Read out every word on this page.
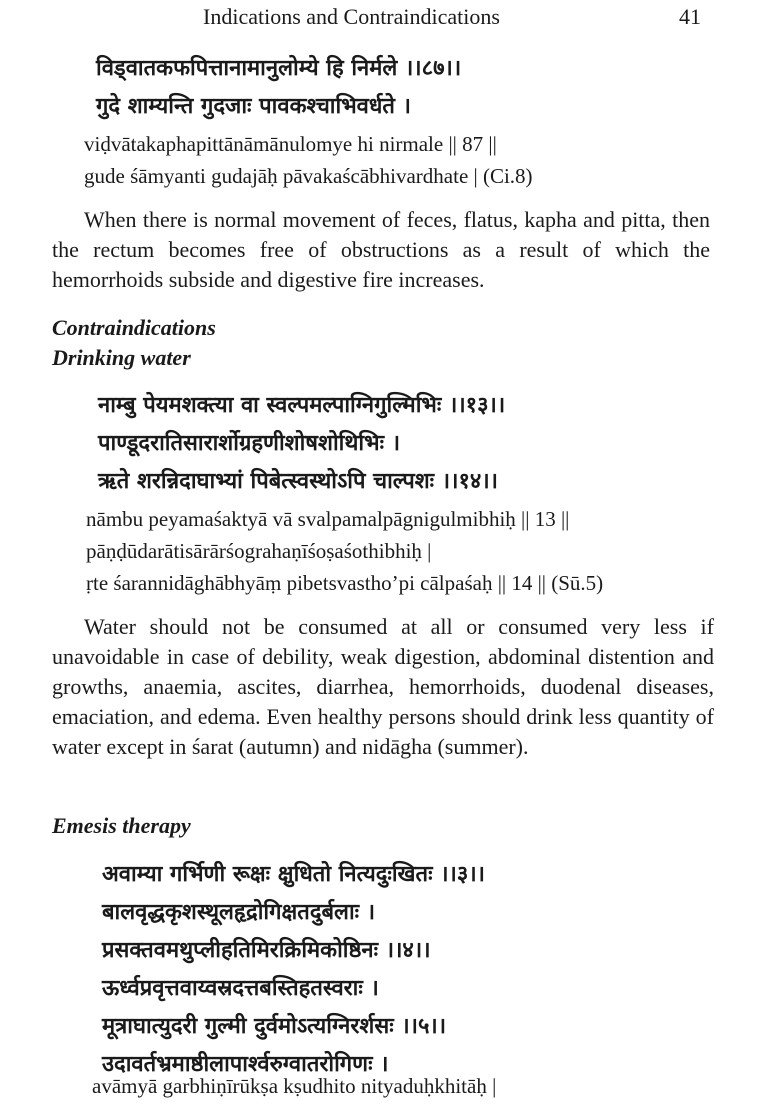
Indications and Contraindications	41
विड्वातकफपित्तानामानुलोम्ये हि निर्मले ।।८७।।
गुदे शाम्यन्ति गुदजाः पावकश्चाभिवर्धते ।
viḍvātakaphapittānāmānulomye hi nirmale || 87 ||
gude śāmyanti gudajāḥ pāvakaścābhivardhate | (Ci.8)

When there is normal movement of feces, flatus, kapha and pitta, then the rectum becomes free of obstructions as a result of which the hemorrhoids subside and digestive fire increases.

Contraindications
Drinking water
नाम्बु पेयमशक्त्या वा स्वल्पमल्पाग्निगुल्मिभिः ।।१३।।
पाण्डूदरातिसारार्शोग्रहणीशोषशोथिभिः ।
ऋते शरन्निदाघाभ्यां पिबेत्स्वस्थोऽपि चाल्पशः ।।१४।।
nāmbu peyamaśaktyā vā svalpamalpāgnigulmibhiḥ || 13 ||
pāṇḍūdarātisārārśograhaṇīśoṣaśothibhiḥ |
ṛte śarannidāghābhyāṃ pibetsvastho’pi cālpaśaḥ || 14 || (Sū.5)

Water should not be consumed at all or consumed very less if unavoidable in case of debility, weak digestion, abdominal distention and growths, anaemia, ascites, diarrhea, hemorrhoids, duodenal diseases, emaciation, and edema. Even healthy persons should drink less quantity of water except in śarat (autumn) and nidāgha (summer).

Emesis therapy
अवाम्या गर्भिणी रूक्षः क्षुधितो नित्यदुःखितः ।।३।।
बालवृद्धकृशस्थूलहृद्रोगिक्षतदुर्बलाः ।
प्रसक्तवमथुप्लीहतिमिरक्रिमिकोष्ठिनः ।।४।।
ऊर्ध्वप्रवृत्तवाय्वस्रदत्तबस्तिहतस्वराः ।
मूत्राघात्युदरी गुल्मी दुर्वमोऽत्यग्निरर्शसः ।।५।।
उदावर्तभ्रमाष्ठीलापार्श्वरुग्वातरोगिणः ।
avāmyā garbhiṇīrūkṣa kṣudhito nityaduḥkhitāḥ |
